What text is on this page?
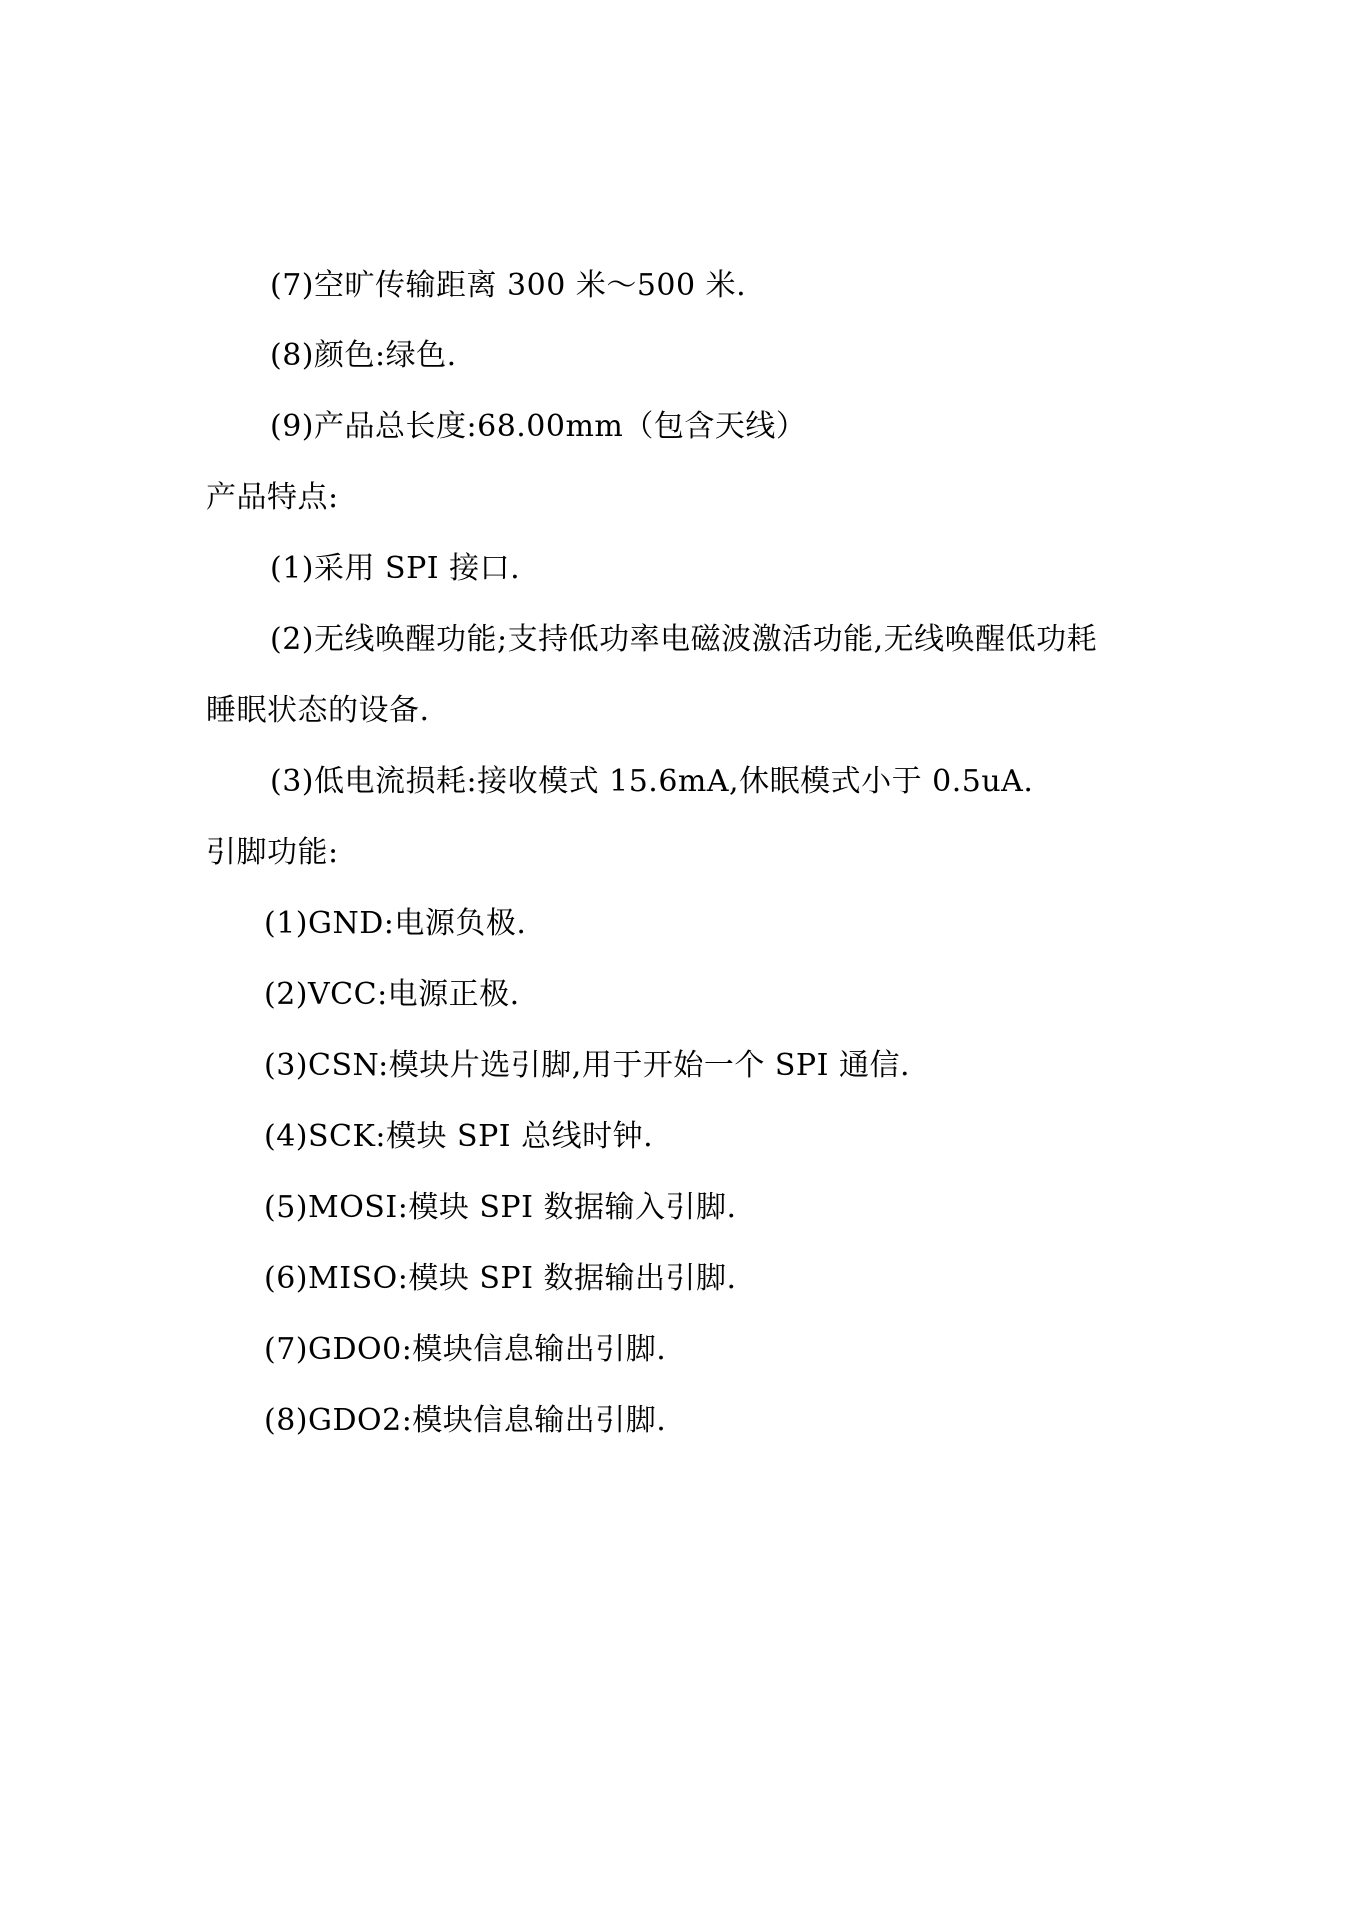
(7)空旷传输距离 300 米～500 米.
(8)颜色:绿色.
(9)产品总长度:68.00mm（包含天线）
产品特点:
(1)采用 SPI 接口.
(2)无线唤醒功能;支持低功率电磁波激活功能,无线唤醒低功耗
睡眠状态的设备.
(3)低电流损耗:接收模式 15.6mA,休眠模式小于 0.5uA.
引脚功能:
(1)GND:电源负极.
(2)VCC:电源正极.
(3)CSN:模块片选引脚,用于开始一个 SPI 通信.
(4)SCK:模块 SPI 总线时钟.
(5)MOSI:模块 SPI 数据输入引脚.
(6)MISO:模块 SPI 数据输出引脚.
(7)GDO0:模块信息输出引脚.
(8)GDO2:模块信息输出引脚.
